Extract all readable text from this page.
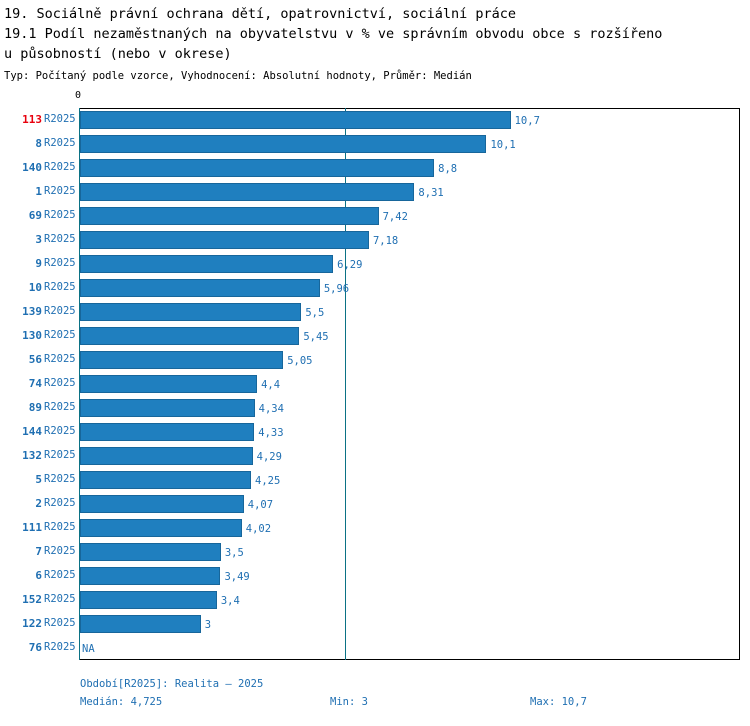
19. Sociálně právní ochrana dětí, opatrovnictví, sociální práce
19.1 Podíl nezaměstnaných na obyvatelstvu v % ve správním obvodu obce s rozšířeno
u působností (nebo v okrese)
Typ: Počítaný podle vzorce, Vyhodnocení: Absolutní hodnoty, Průměr: Medián
0
113 R2025	10,7
8 R2025	10,1
140 R2025	8,8
1 R2025	8,31
69 R2025	7,42
3 R2025	7,18
9 R2025	6,29
10 R2025	5,96
139 R2025	5,5
130 R2025	5,45
56 R2025	5,05
74 R2025	4,4
89 R2025	4,34
144 R2025	4,33
132 R2025	4,29
5 R2025	4,25
2 R2025	4,07
111 R2025	4,02
7 R2025	3,5
6 R2025	3,49
152 R2025	3,4
122 R2025	3
76 R2025 NA
Období[R2025]: Realita – 2025
Medián: 4,725	Min: 3	Max: 10,7
